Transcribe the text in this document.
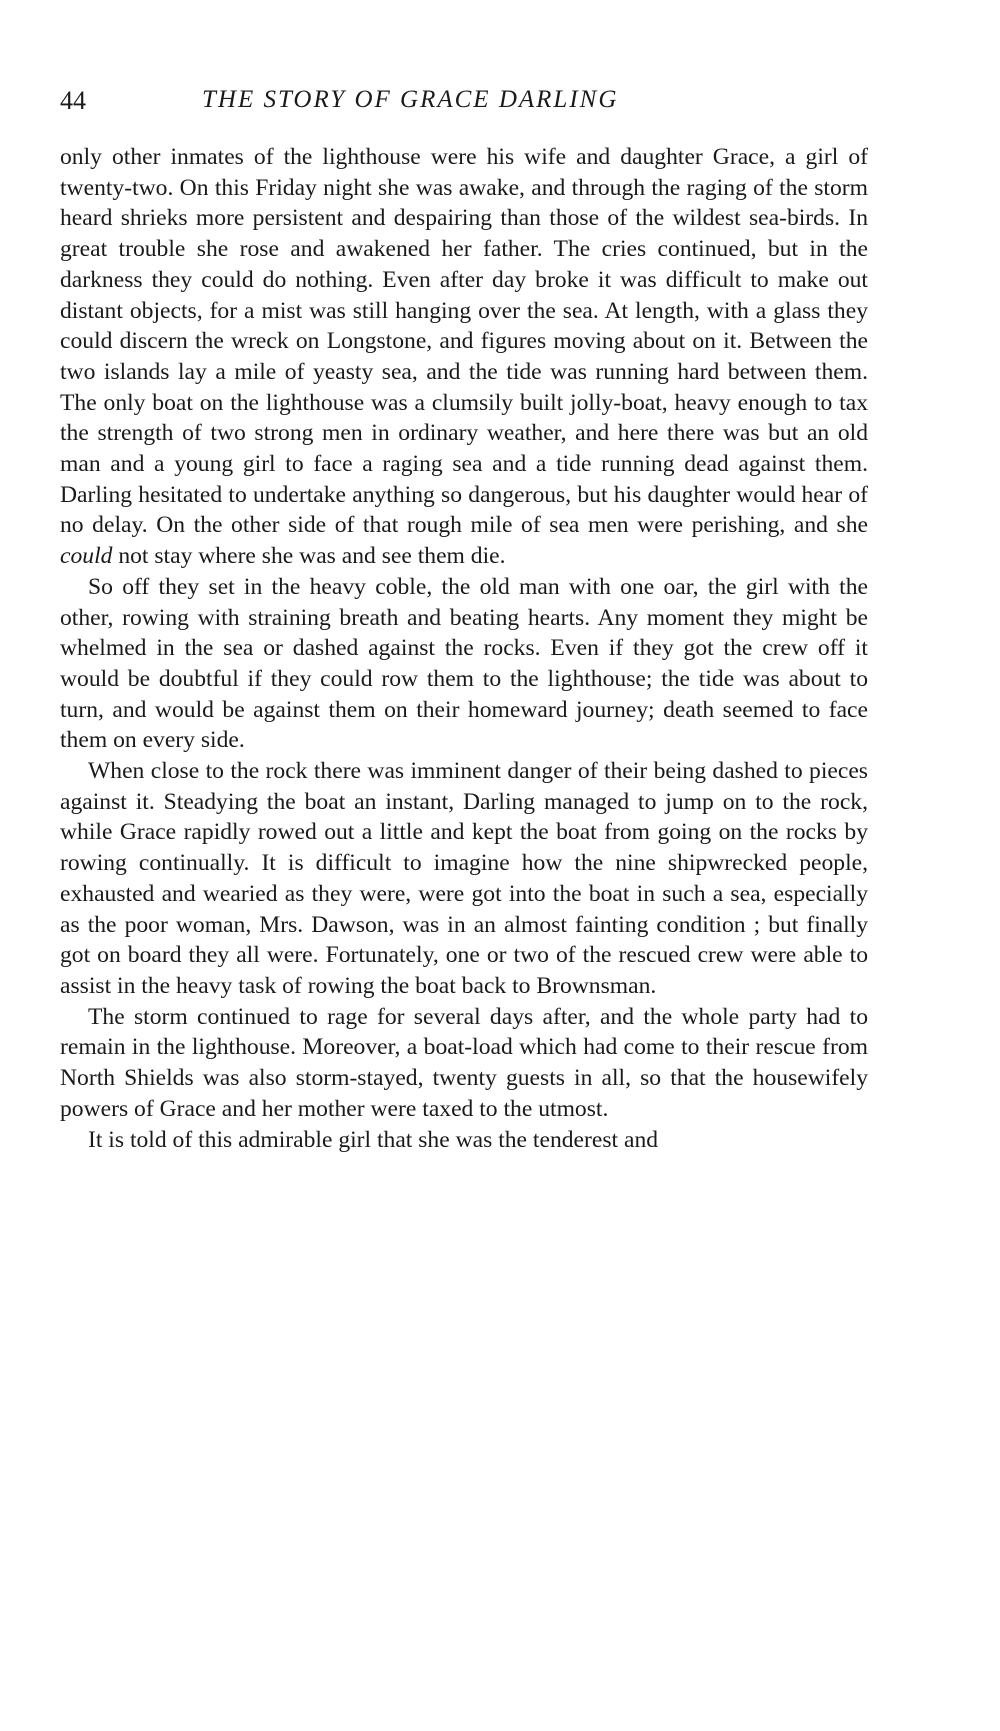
44	THE STORY OF GRACE DARLING

only other inmates of the lighthouse were his wife and daughter Grace, a girl of twenty-two. On this Friday night she was awake, and through the raging of the storm heard shrieks more persistent and despairing than those of the wildest sea-birds. In great trouble she rose and awakened her father. The cries continued, but in the darkness they could do nothing. Even after day broke it was difficult to make out distant objects, for a mist was still hanging over the sea. At length, with a glass they could discern the wreck on Longstone, and figures moving about on it. Between the two islands lay a mile of yeasty sea, and the tide was running hard between them. The only boat on the lighthouse was a clumsily built jolly-boat, heavy enough to tax the strength of two strong men in ordinary weather, and here there was but an old man and a young girl to face a raging sea and a tide running dead against them. Darling hesitated to undertake anything so dangerous, but his daughter would hear of no delay. On the other side of that rough mile of sea men were perishing, and she could not stay where she was and see them die.

So off they set in the heavy coble, the old man with one oar, the girl with the other, rowing with straining breath and beating hearts. Any moment they might be whelmed in the sea or dashed against the rocks. Even if they got the crew off it would be doubtful if they could row them to the lighthouse; the tide was about to turn, and would be against them on their homeward journey; death seemed to face them on every side.

When close to the rock there was imminent danger of their being dashed to pieces against it. Steadying the boat an instant, Darling managed to jump on to the rock, while Grace rapidly rowed out a little and kept the boat from going on the rocks by rowing continually. It is difficult to imagine how the nine shipwrecked people, exhausted and wearied as they were, were got into the boat in such a sea, especially as the poor woman, Mrs. Dawson, was in an almost fainting condition ; but finally got on board they all were. Fortunately, one or two of the rescued crew were able to assist in the heavy task of rowing the boat back to Brownsman.

The storm continued to rage for several days after, and the whole party had to remain in the lighthouse. Moreover, a boat-load which had come to their rescue from North Shields was also storm-stayed, twenty guests in all, so that the housewifely powers of Grace and her mother were taxed to the utmost.

It is told of this admirable girl that she was the tenderest and
